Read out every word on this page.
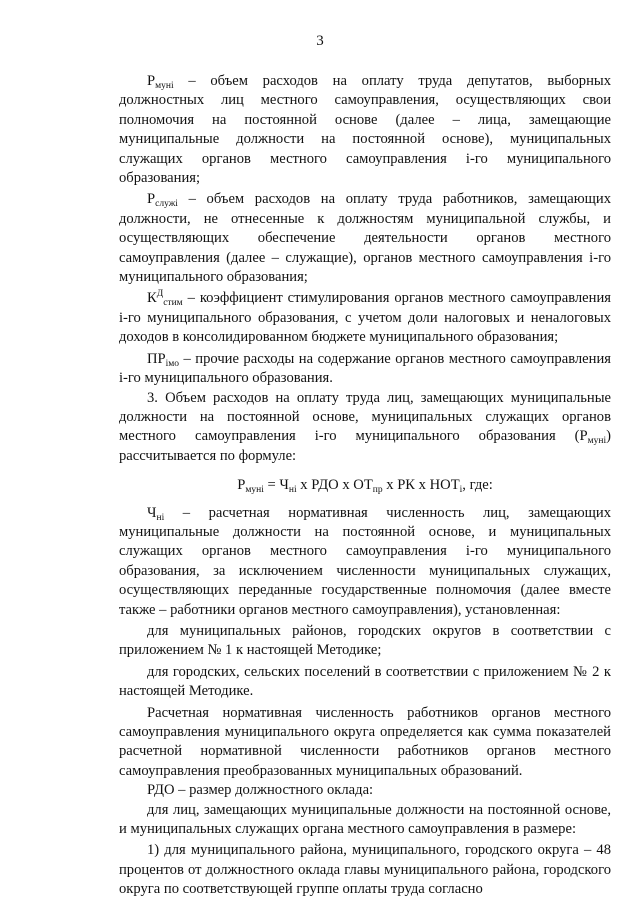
3

$Р_{муні}$ – объем расходов на оплату труда депутатов, выборных должностных лиц местного самоуправления, осуществляющих свои полномочия на постоянной основе (далее – лица, замещающие муниципальные должности на постоянной основе), муниципальных служащих органов местного самоуправления і-го муниципального образования;

$Р_{служі}$ – объем расходов на оплату труда работников, замещающих должности, не отнесенные к должностям муниципальной службы, и осуществляющих обеспечение деятельности органов местного самоуправления (далее – служащие), органов местного самоуправления і-го муниципального образования;

$К^Д_{стим}$ – коэффициент стимулирования органов местного самоуправления і-го муниципального образования, с учетом доли налоговых и неналоговых доходов в консолидированном бюджете муниципального образования;

$ПР_{імо}$ – прочие расходы на содержание органов местного самоуправления і-го муниципального образования.

3. Объем расходов на оплату труда лиц, замещающих муниципальные должности на постоянной основе, муниципальных служащих органов местного самоуправления і-го муниципального образования $(Р_{муні})$ рассчитывается по формуле:

$Р_{муні} = Ч_{ні}$ х РДО х $ОТ_{пр}$ х РК х $НОТ_і$, где:

$Ч_{ні}$ – расчетная нормативная численность лиц, замещающих муниципальные должности на постоянной основе, и муниципальных служащих органов местного самоуправления і-го муниципального образования, за исключением численности муниципальных служащих, осуществляющих переданные государственные полномочия (далее вместе также – работники органов местного самоуправления), установленная:

для муниципальных районов, городских округов в соответствии с приложением № 1 к настоящей Методике;

для городских, сельских поселений в соответствии с приложением № 2 к настоящей Методике.

Расчетная нормативная численность работников органов местного самоуправления муниципального округа определяется как сумма показателей расчетной нормативной численности работников органов местного самоуправления преобразованных муниципальных образований.

РДО – размер должностного оклада:

для лиц, замещающих муниципальные должности на постоянной основе, и муниципальных служащих органа местного самоуправления в размере:

1) для муниципального района, муниципального, городского округа – 48 процентов от должностного оклада главы муниципального района, городского округа по соответствующей группе оплаты труда согласно
